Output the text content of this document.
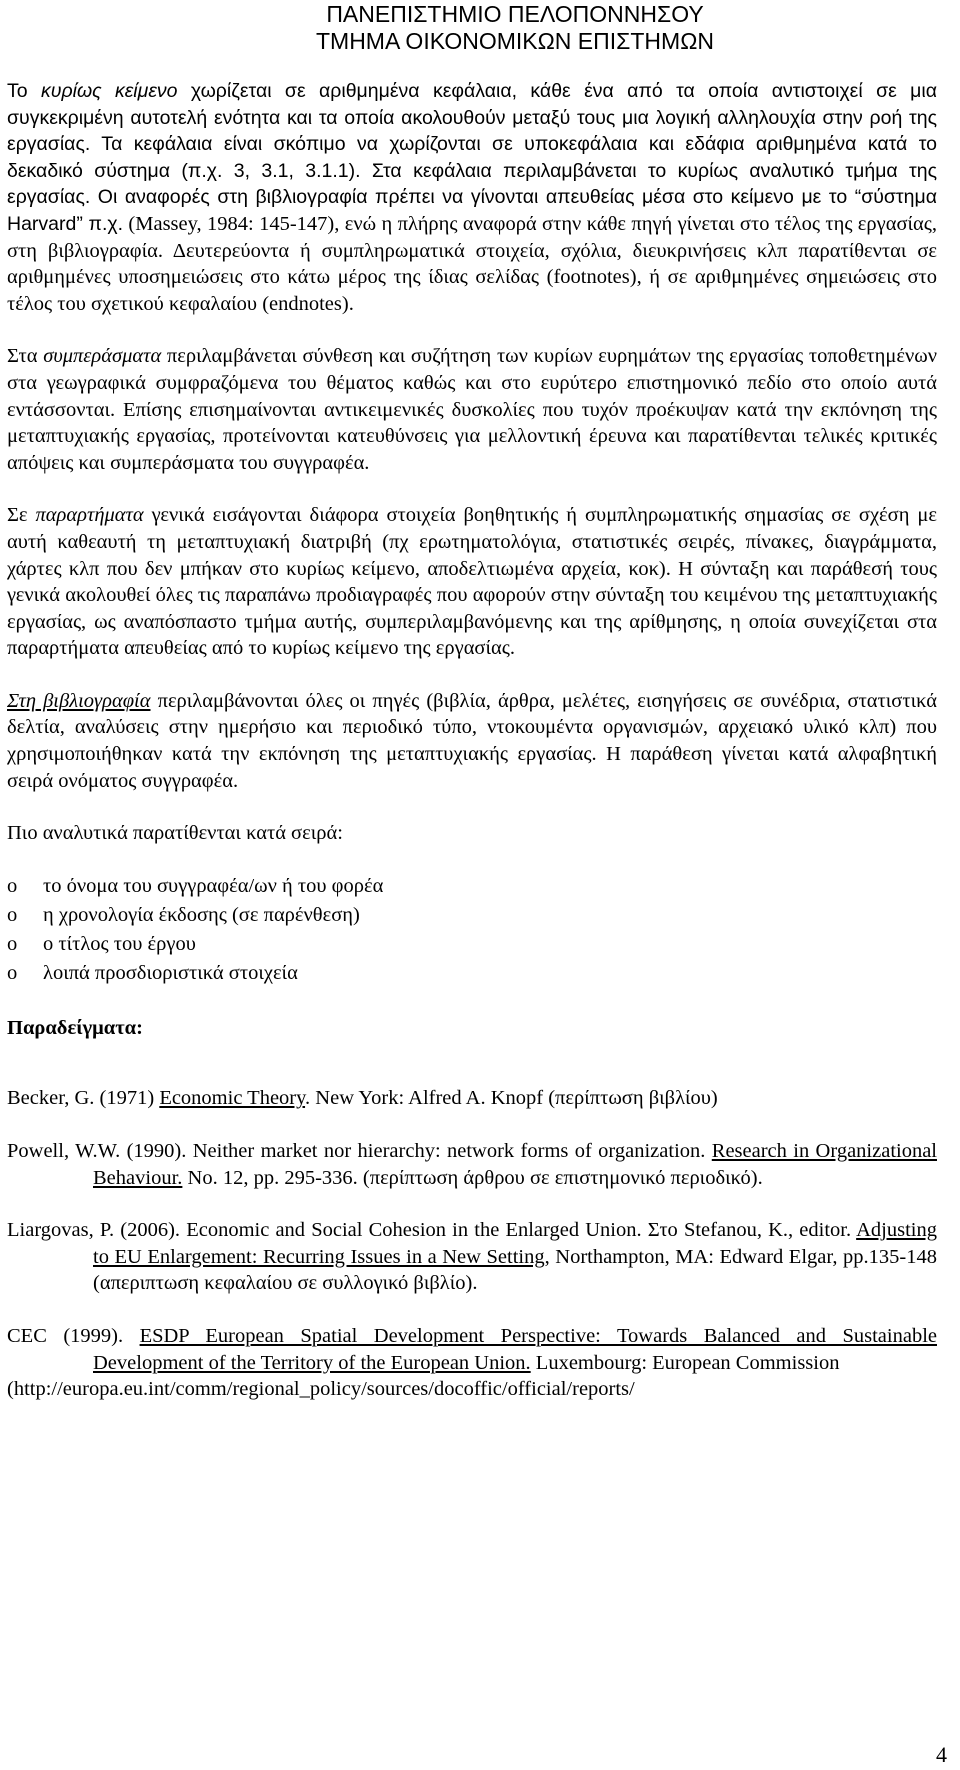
ΠΑΝΕΠΙΣΤΗΜΙΟ ΠΕΛΟΠΟΝΝΗΣΟΥ
ΤΜΗΜΑ ΟΙΚΟΝΟΜΙΚΩΝ ΕΠΙΣΤΗΜΩΝ

Το κυρίως κείμενο χωρίζεται σε αριθμημένα κεφάλαια, κάθε ένα από τα οποία αντιστοιχεί σε μια συγκεκριμένη αυτοτελή ενότητα και τα οποία ακολουθούν μεταξύ τους μια λογική αλληλουχία στην ροή της εργασίας. Τα κεφάλαια είναι σκόπιμο να χωρίζονται σε υποκεφάλαια και εδάφια αριθμημένα κατά το δεκαδικό σύστημα (π.χ. 3, 3.1, 3.1.1). Στα κεφάλαια περιλαμβάνεται το κυρίως αναλυτικό τμήμα της εργασίας. Οι αναφορές στη βιβλιογραφία πρέπει να γίνονται απευθείας μέσα στο κείμενο με το “σύστημα Harvard” π.χ. (Massey, 1984: 145-147), ενώ η πλήρης αναφορά στην κάθε πηγή γίνεται στο τέλος της εργασίας, στη βιβλιογραφία. Δευτερεύοντα ή συμπληρωματικά στοιχεία, σχόλια, διευκρινήσεις κλπ παρατίθενται σε αριθμημένες υποσημειώσεις στο κάτω μέρος της ίδιας σελίδας (footnotes), ή σε αριθμημένες σημειώσεις στο τέλος του σχετικού κεφαλαίου (endnotes).

Στα συμπεράσματα περιλαμβάνεται σύνθεση και συζήτηση των κυρίων ευρημάτων της εργασίας τοποθετημένων στα γεωγραφικά συμφραζόμενα του θέματος καθώς και στο ευρύτερο επιστημονικό πεδίο στο οποίο αυτά εντάσσονται. Επίσης επισημαίνονται αντικειμενικές δυσκολίες που τυχόν προέκυψαν κατά την εκπόνηση της μεταπτυχιακής εργασίας, προτείνονται κατευθύνσεις για μελλοντική έρευνα και παρατίθενται τελικές κριτικές απόψεις και συμπεράσματα του συγγραφέα.

Σε παραρτήματα γενικά εισάγονται διάφορα στοιχεία βοηθητικής ή συμπληρωματικής σημασίας σε σχέση με αυτή καθεαυτή τη μεταπτυχιακή διατριβή (πχ ερωτηματολόγια, στατιστικές σειρές, πίνακες, διαγράμματα, χάρτες κλπ που δεν μπήκαν στο κυρίως κείμενο, αποδελτιωμένα αρχεία, κοκ). Η σύνταξη και παράθεσή τους γενικά ακολουθεί όλες τις παραπάνω προδιαγραφές που αφορούν στην σύνταξη του κειμένου της μεταπτυχιακής εργασίας, ως αναπόσπαστο τμήμα αυτής, συμπεριλαμβανόμενης και της αρίθμησης, η οποία συνεχίζεται στα παραρτήματα απευθείας από το κυρίως κείμενο της εργασίας.

Στη βιβλιογραφία περιλαμβάνονται όλες οι πηγές (βιβλία, άρθρα, μελέτες, εισηγήσεις σε συνέδρια, στατιστικά δελτία, αναλύσεις στην ημερήσιο και περιοδικό τύπο, ντοκουμέντα οργανισμών, αρχειακό υλικό κλπ) που χρησιμοποιήθηκαν κατά την εκπόνηση της μεταπτυχιακής εργασίας. Η παράθεση γίνεται κατά αλφαβητική σειρά ονόματος συγγραφέα.

Πιο αναλυτικά παρατίθενται κατά σειρά:

o	το όνομα του συγγραφέα/ων ή του φορέα
o	η χρονολογία έκδοσης (σε παρένθεση)
o	ο τίτλος του έργου
o	λοιπά προσδιοριστικά στοιχεία
Παραδείγματα:

Becker, G. (1971) Economic Theory. New York: Alfred A. Knopf (περίπτωση βιβλίου)

Powell, W.W. (1990). Neither market nor hierarchy: network forms of organization. Research in Organizational Behaviour. No. 12, pp. 295-336. (περίπτωση άρθρου σε επιστημονικό περιοδικό).

Liargovas, P. (2006). Economic and Social Cohesion in the Enlarged Union. Στο Stefanou, K., editor. Adjusting to EU Enlargement: Recurring Issues in a New Setting, Northampton, MA: Edward Elgar, pp.135-148 (απεριπτωση κεφαλαίου σε συλλογικό βιβλίο).

CEC (1999). ESDP European Spatial Development Perspective: Towards Balanced and Sustainable Development of the Territory of the European Union. Luxembourg: European Commission
(http://europa.eu.int/comm/regional_policy/sources/docoffic/official/reports/

4
